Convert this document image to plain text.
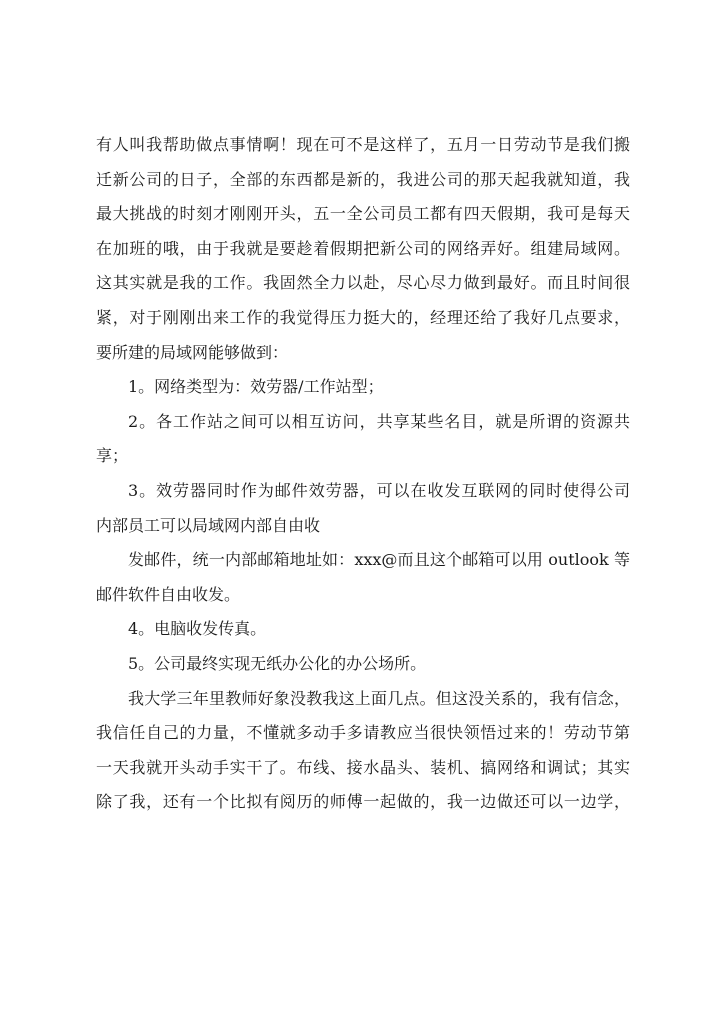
有人叫我帮助做点事情啊！现在可不是这样了，五月一日劳动节是我们搬
迁新公司的日子，全部的东西都是新的，我进公司的那天起我就知道，我
最大挑战的时刻才刚刚开头，五一全公司员工都有四天假期，我可是每天
在加班的哦，由于我就是要趁着假期把新公司的网络弄好。组建局域网。
这其实就是我的工作。我固然全力以赴，尽心尽力做到最好。而且时间很
紧，对于刚刚出来工作的我觉得压力挺大的，经理还给了我好几点要求，
要所建的局域网能够做到：
1。网络类型为：效劳器/工作站型；
2。各工作站之间可以相互访问，共享某些名目，就是所谓的资源共
享；
3。效劳器同时作为邮件效劳器，可以在收发互联网的同时使得公司
内部员工可以局域网内部自由收
发邮件，统一内部邮箱地址如：xxx@而且这个邮箱可以用 outlook 等
邮件软件自由收发。
4。电脑收发传真。
5。公司最终实现无纸办公化的办公场所。
我大学三年里教师好象没教我这上面几点。但这没关系的，我有信念，
我信任自己的力量，不懂就多动手多请教应当很快领悟过来的！劳动节第
一天我就开头动手实干了。布线、接水晶头、装机、搞网络和调试；其实
除了我，还有一个比拟有阅历的师傅一起做的，我一边做还可以一边学，
